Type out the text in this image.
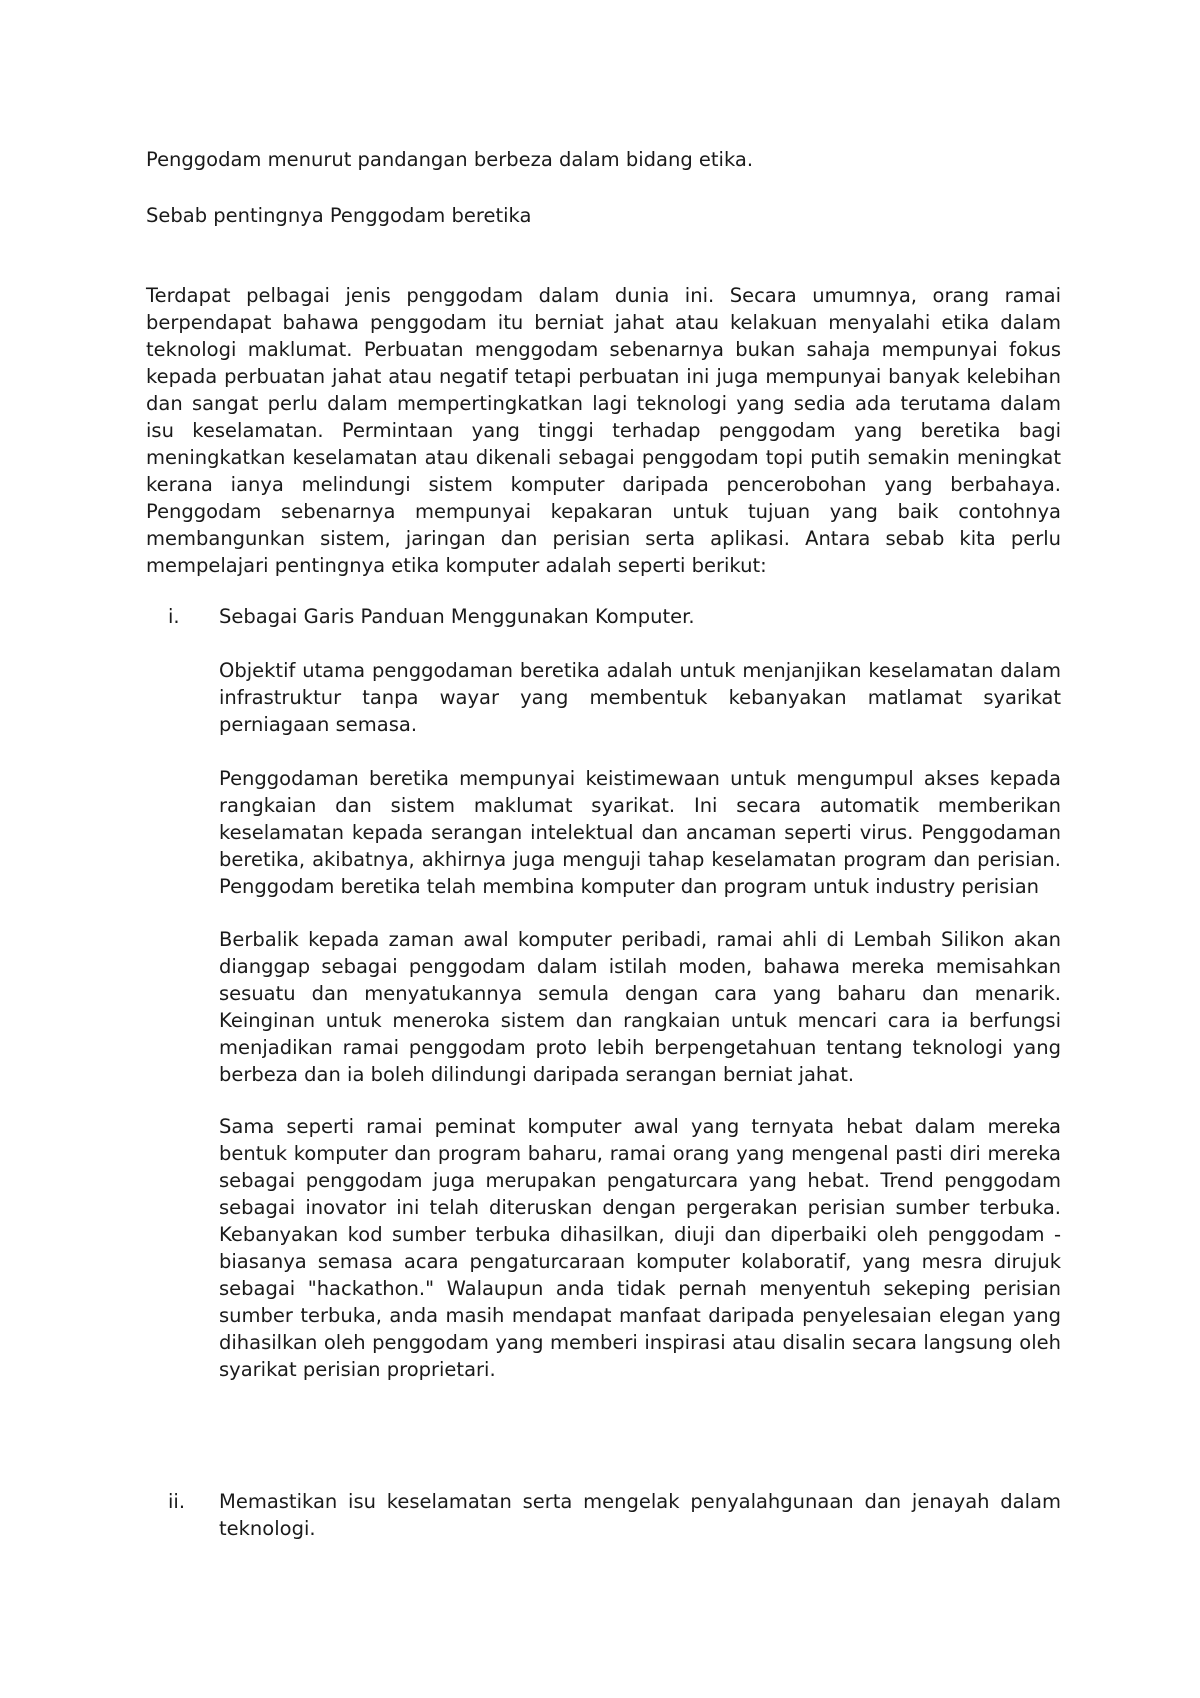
Penggodam menurut pandangan berbeza dalam bidang etika.
Sebab pentingnya Penggodam beretika
Terdapat pelbagai jenis penggodam dalam dunia ini. Secara umumnya, orang ramai berpendapat bahawa penggodam itu berniat jahat atau kelakuan menyalahi etika dalam teknologi maklumat. Perbuatan menggodam sebenarnya bukan sahaja mempunyai fokus kepada perbuatan jahat atau negatif tetapi perbuatan ini juga mempunyai banyak kelebihan dan sangat perlu dalam mempertingkatkan lagi teknologi yang sedia ada terutama dalam isu keselamatan. Permintaan yang tinggi terhadap penggodam yang beretika bagi meningkatkan keselamatan atau dikenali sebagai penggodam topi putih semakin meningkat kerana ianya melindungi sistem komputer daripada pencerobohan yang berbahaya. Penggodam sebenarnya mempunyai kepakaran untuk tujuan yang baik contohnya membangunkan sistem, jaringan dan perisian serta aplikasi. Antara sebab kita perlu mempelajari pentingnya etika komputer adalah seperti berikut:
i. Sebagai Garis Panduan Menggunakan Komputer.
Objektif utama penggodaman beretika adalah untuk menjanjikan keselamatan dalam infrastruktur tanpa wayar yang membentuk kebanyakan matlamat syarikat perniagaan semasa.
Penggodaman beretika mempunyai keistimewaan untuk mengumpul akses kepada rangkaian dan sistem maklumat syarikat. Ini secara automatik memberikan keselamatan kepada serangan intelektual dan ancaman seperti virus. Penggodaman beretika, akibatnya, akhirnya juga menguji tahap keselamatan program dan perisian. Penggodam beretika telah membina komputer dan program untuk industry perisian
Berbalik kepada zaman awal komputer peribadi, ramai ahli di Lembah Silikon akan dianggap sebagai penggodam dalam istilah moden, bahawa mereka memisahkan sesuatu dan menyatukannya semula dengan cara yang baharu dan menarik. Keinginan untuk meneroka sistem dan rangkaian untuk mencari cara ia berfungsi menjadikan ramai penggodam proto lebih berpengetahuan tentang teknologi yang berbeza dan ia boleh dilindungi daripada serangan berniat jahat.
Sama seperti ramai peminat komputer awal yang ternyata hebat dalam mereka bentuk komputer dan program baharu, ramai orang yang mengenal pasti diri mereka sebagai penggodam juga merupakan pengaturcara yang hebat. Trend penggodam sebagai inovator ini telah diteruskan dengan pergerakan perisian sumber terbuka. Kebanyakan kod sumber terbuka dihasilkan, diuji dan diperbaiki oleh penggodam - biasanya semasa acara pengaturcaraan komputer kolaboratif, yang mesra dirujuk sebagai "hackathon." Walaupun anda tidak pernah menyentuh sekeping perisian sumber terbuka, anda masih mendapat manfaat daripada penyelesaian elegan yang dihasilkan oleh penggodam yang memberi inspirasi atau disalin secara langsung oleh syarikat perisian proprietari.
ii. Memastikan isu keselamatan serta mengelak penyalahgunaan dan jenayah dalam teknologi.
